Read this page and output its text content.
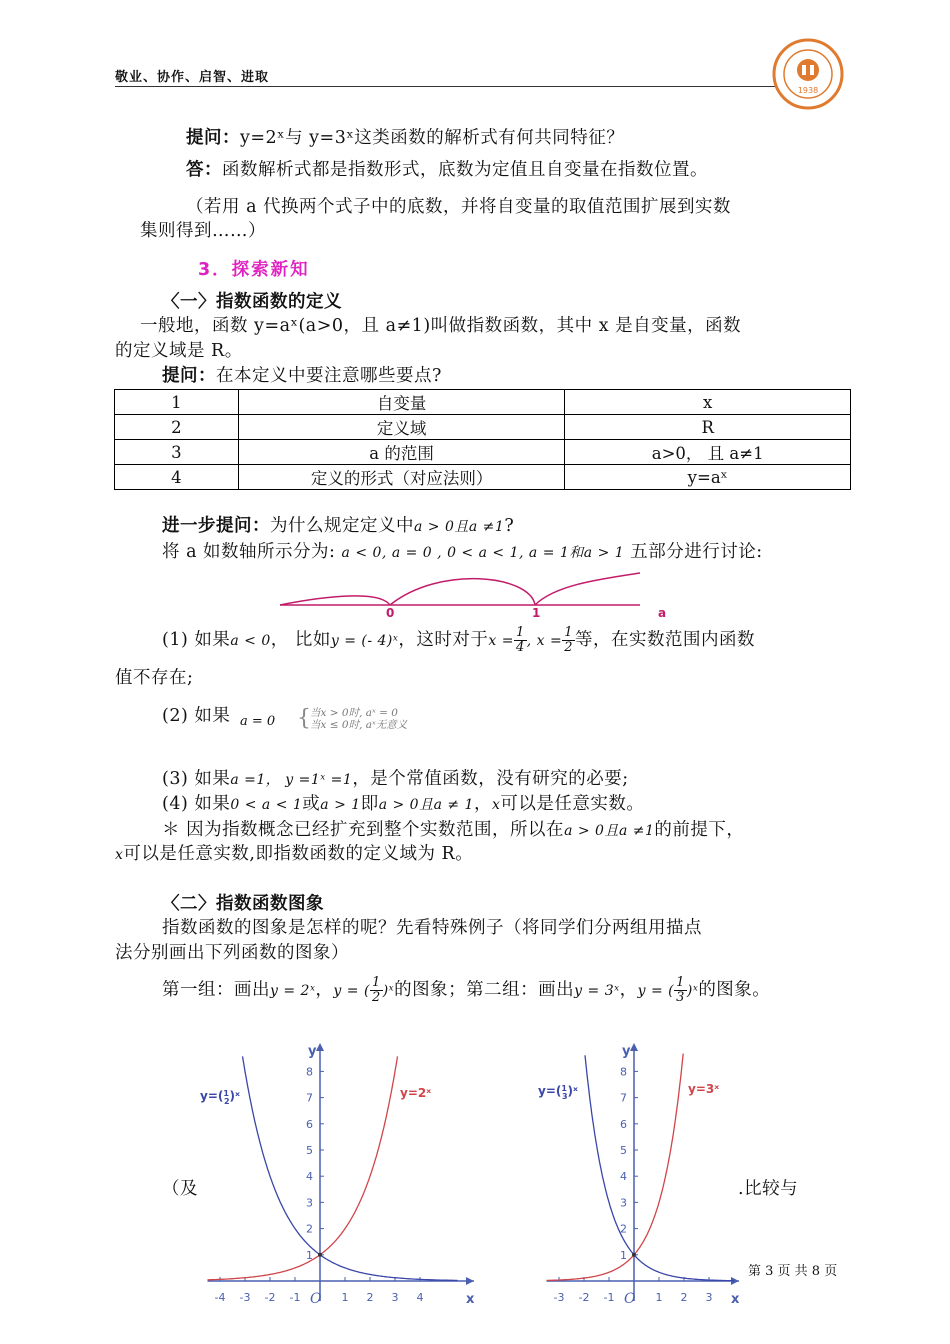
敬业、协作、启智、进取
1938
提问：y=2ˣ与 y=3ˣ这类函数的解析式有何共同特征？
答：函数解析式都是指数形式，底数为定值且自变量在指数位置。
（若用 a 代换两个式子中的底数，并将自变量的取值范围扩展到实数
集则得到……）
3．探索新知
〈一〉指数函数的定义
一般地，函数 y=aˣ(a>0，且 a≠1)叫做指数函数，其中 x 是自变量，函数
的定义域是 R。
提问：在本定义中要注意哪些要点?
1	自变量	x
2	定义域	R
3	a 的范围	a>0， 且 a≠1
4	定义的形式（对应法则）	y=aˣ
进一步提问：为什么规定定义中a > 0且a ≠1?
将 a 如数轴所示分为: a < 0, a = 0 , 0 < a < 1, a = 1和a > 1 五部分进行讨论:
0	1	a
(1) 如果a < 0， 比如y = (- 4)ˣ，这时对于$x = \frac{1}{4}$ , $x = \frac{1}{2}$ 等，在实数范围内函数
值不存在;
(2) 如果 a = 0 { 当x > 0时, aˣ = 0
当x ≤ 0时, aˣ无意义
(3) 如果a =1， y =1ˣ =1，是个常值函数，没有研究的必要;
(4) 如果0 < a < 1或a > 1即a > 0且a ≠ 1，x可以是任意实数。
＊ 因为指数概念已经扩充到整个实数范围，所以在a > 0且a ≠1的前提下，
x可以是任意实数,即指数函数的定义域为 R。
〈二〉指数函数图象
指数函数的图象是怎样的呢？先看特殊例子（将同学们分两组用描点
法分别画出下列函数的图象）
第一组：画出y = 2ˣ，y = ( $\frac{1}{2}$ )ˣ的图象；第二组：画出y = 3ˣ，y = ( $\frac{1}{3}$ )ˣ的图象。
x
y
O
-4 -3 -2 -1	1 2 3 4
1
2
3
4
5
6
7
8
y=($^1$ 2)ˣ	y=2ˣ
x
y
O
-3 -2 -1	1 2 3
1
2
3
4
5
6
7
8
y=($^1$ 3)ˣ	y=3ˣ
（及	.比较与
第 3 页 共 8 页
